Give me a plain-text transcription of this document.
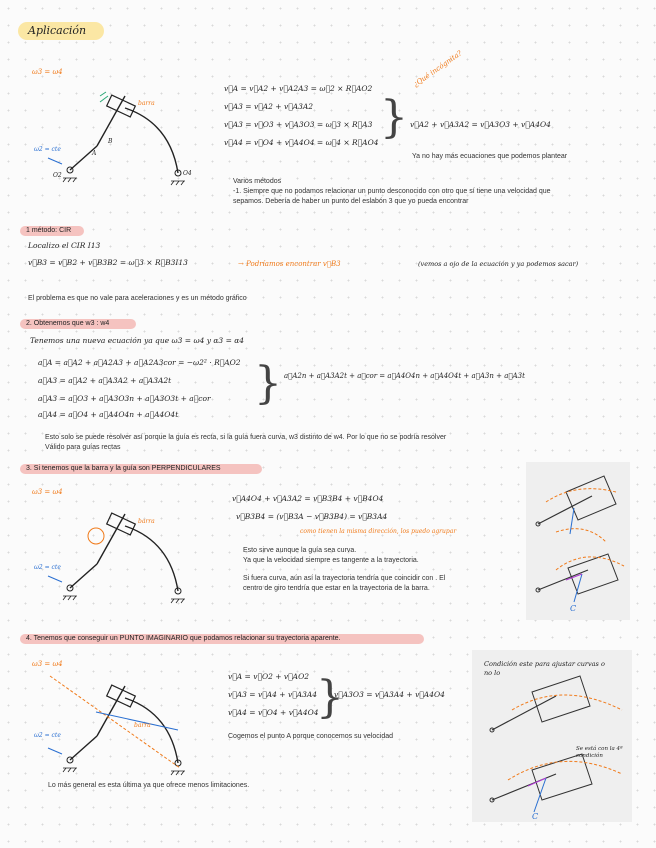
Aplicación
ω3 = ω4
barra
ω2 = cte
O2	O4
A
B
v⃗A = v⃗A2 + v⃗A2A3 = ω⃗2 × R⃗AO2
v⃗A3 = v⃗A2 + v⃗A3A2
v⃗A3 = v⃗O3 + v⃗A3O3 = ω⃗3 × R⃗A3
v⃗A4 = v⃗O4 + v⃗A4O4 = ω⃗4 × R⃗AO4 }
¿Qué incógnita?
v⃗A2 + v⃗A3A2 = v⃗A3O3 + v⃗A4O4
Ya no hay más ecuaciones que podemos plantear
Varios métodos
-1. Siempre que no podamos relacionar un punto desconocido con otro que sí tiene una velocidad que
sepamos. Debería de haber un punto del eslabón 3 que yo pueda encontrar
1 método: CIR
Localizo el CIR I13
v⃗B3 = v⃗B2 + v⃗B3B2 = ω⃗3 × R⃗B3I13	→ Podríamos encontrar v⃗B3	(vemos a ojo de la ecuación y ya podemos sacar)
El problema es que no vale para aceleraciones y es un método gráfico
2. Obtenemos que w3 : w4
Tenemos una nueva ecuación ya que ω3 = ω4 y α3 = α4
a⃗A = a⃗A2 + a⃗A2A3 + a⃗A2A3cor = −ω2² · R⃗AO2
a⃗A3 = a⃗A2 + a⃗A3A2 + a⃗A3A2t
a⃗A3 = a⃗O3 + a⃗A3O3n + a⃗A3O3t + a⃗cor
a⃗A4 = a⃗O4 + a⃗A4O4n + a⃗A4O4t
} a⃗A2n + a⃗A3A2t + a⃗cor = a⃗A4O4n + a⃗A4O4t + a⃗A3n + a⃗A3t
Esto solo se puede resolver así porque la guía es recta, si la guía fuera curva, w3 distinto de w4. Por lo que no se podría resolver
Válido para guías rectas
3. Si tenemos que la barra y la guía son PERPENDICULARES
ω3 = ω4
barra
ω2 = cte
v⃗A4O4 + v⃗A3A2 = v⃗B3B4 + v⃗B4O4
v⃗B3B4 = (v⃗B3A − v⃗B3B4) = v⃗B3A4
como tienen la misma dirección, los puedo agrupar
Esto sirve aunque la guía sea curva.
Ya que la velocidad siempre es tangente a la trayectoria.
Si fuera curva, aún así la trayectoria tendría que coincidir con . El
centro de giro tendría que estar en la trayectoria de la barra.
C
4. Tenemos que conseguir un PUNTO IMAGINARIO que podamos relacionar su trayectoria aparente.
ω3 = ω4
barra
ω2 = cte
v⃗A = v⃗O2 + v⃗AO2
v⃗A3 = v⃗A4 + v⃗A3A4
v⃗A4 = v⃗O4 + v⃗A4O4
}
v⃗A3O3 = v⃗A3A4 + v⃗A4O4
Cogemos el punto A porque conocemos su velocidad
Lo más general es esta última ya que ofrece menos limitaciones.
Condición este para ajustar curvas o no lo
Se está con la 4ª condición
C
